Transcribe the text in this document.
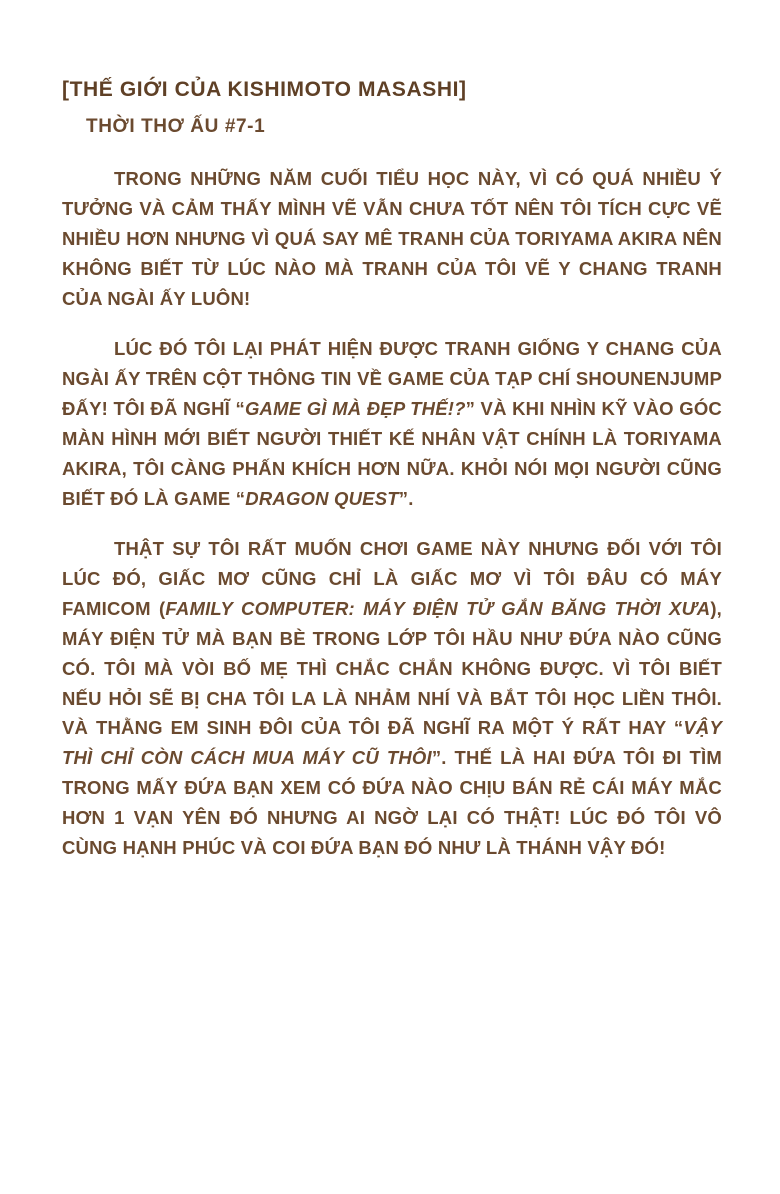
[THẾ GIỚI CỦA KISHIMOTO MASASHI]
THỜI THƠ ẤU #7-1

TRONG NHỮNG NĂM CUỐI TIỂU HỌC NÀY, VÌ CÓ QUÁ NHIỀU Ý TƯỞNG VÀ CẢM THẤY MÌNH VẼ VẪN CHƯA TỐT NÊN TÔI TÍCH CỰC VẼ NHIỀU HƠN NHƯNG VÌ QUÁ SAY MÊ TRANH CỦA TORIYAMA AKIRA NÊN KHÔNG BIẾT TỪ LÚC NÀO MÀ TRANH CỦA TÔI VẼ Y CHANG TRANH CỦA NGÀI ẤY LUÔN!

LÚC ĐÓ TÔI LẠI PHÁT HIỆN ĐƯỢC TRANH GIỐNG Y CHANG CỦA NGÀI ẤY TRÊN CỘT THÔNG TIN VỀ GAME CỦA TẠP CHÍ SHOUNENJUMP ĐẤY! TÔI ĐÃ NGHĨ “GAME GÌ MÀ ĐẸP THẾ!?” VÀ KHI NHÌN KỸ VÀO GÓC MÀN HÌNH MỚI BIẾT NGƯỜI THIẾT KẾ NHÂN VẬT CHÍNH LÀ TORIYAMA AKIRA, TÔI CÀNG PHẤN KHÍCH HƠN NỮA. KHỎI NÓI MỌI NGƯỜI CŨNG BIẾT ĐÓ LÀ GAME “DRAGON QUEST”.

THẬT SỰ TÔI RẤT MUỐN CHƠI GAME NÀY NHƯNG ĐỐI VỚI TÔI LÚC ĐÓ, GIẤC MƠ CŨNG CHỈ LÀ GIẤC MƠ VÌ TÔI ĐÂU CÓ MÁY FAMICOM (FAMILY COMPUTER: MÁY ĐIỆN TỬ GẮN BĂNG THỜI XƯA), MÁY ĐIỆN TỬ MÀ BẠN BÈ TRONG LỚP TÔI HẦU NHƯ ĐỨA NÀO CŨNG CÓ. TÔI MÀ VÒI BỐ MẸ THÌ CHẮC CHẮN KHÔNG ĐƯỢC. VÌ TÔI BIẾT NẾU HỎI SẼ BỊ CHA TÔI LA LÀ NHẢM NHÍ VÀ BẮT TÔI HỌC LIỀN THÔI. VÀ THẰNG EM SINH ĐÔI CỦA TÔI ĐÃ NGHĨ RA MỘT Ý RẤT HAY “VẬY THÌ CHỈ CÒN CÁCH MUA MÁY CŨ THÔI”. THẾ LÀ HAI ĐỨA TÔI ĐI TÌM TRONG MẤY ĐỨA BẠN XEM CÓ ĐỨA NÀO CHỊU BÁN RẺ CÁI MÁY MẮC HƠN 1 VẠN YÊN ĐÓ NHƯNG AI NGỜ LẠI CÓ THẬT! LÚC ĐÓ TÔI VÔ CÙNG HẠNH PHÚC VÀ COI ĐỨA BẠN ĐÓ NHƯ LÀ THÁNH VẬY ĐÓ!
